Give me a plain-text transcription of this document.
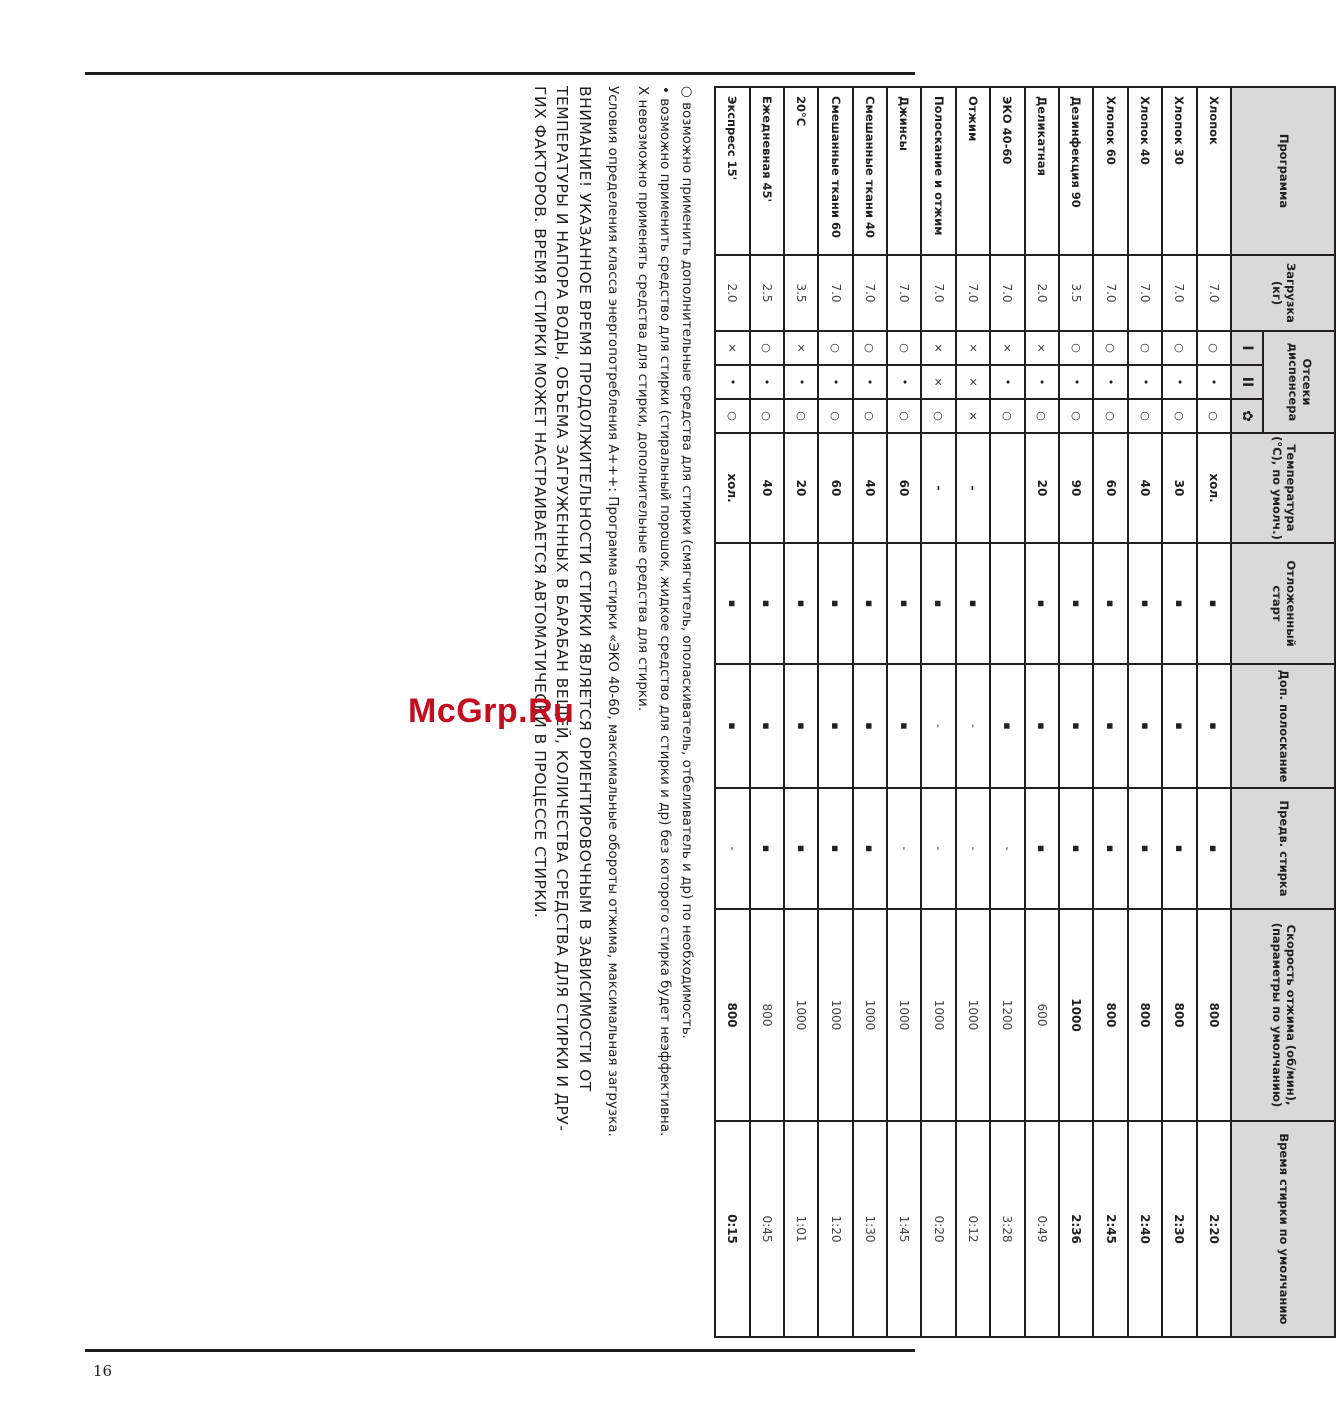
Программа	Загрузка (кг)	Отсеки диспенсера			Температура (°C), по умолч.)	Отложенный старт	Доп. полоскание	Предв. стирка	Скорость отжима (об/мин), (параметры по умолчанию)	Время стирки по умолчанию
		I	II	✿						
Хлопок	7.0	○	•	○	хол.	▪	▪	▪	800	2:20
Хлопок 30	7.0	○	•	○	30	▪	▪	▪	800	2:30
Хлопок 40	7.0	○	•	○	40	▪	▪	▪	800	2:40
Хлопок 60	7.0	○	•	○	60	▪	▪	▪	800	2:45
Дезинфекция 90	3.5	○	•	○	90	▪	▪	▪	1000	2:36
Деликатная	2.0	×	•	○	20	▪	▪	▪	600	0:49
ЭКО 40-60	7.0	×	•	○			▪	-	1200	3:28
Отжим	7.0	×	×	×	-	▪	-	-	1000	0:12
Полоскание и отжим	7.0	×	×	○	-	▪	-	-	1000	0:20
Джинсы	7.0	○	•	○	60	▪	▪	-	1000	1:45
Смешанные ткани 40	7.0	○	•	○	40	▪	▪	▪	1000	1:30
Смешанные ткани 60	7.0	○	•	○	60	▪	▪	▪	1000	1:20
20°C	3.5	×	•	○	20	▪	▪	▪	1000	1:01
Ежедневная 45'	2.5	○	•	○	40	▪	▪	▪	800	0:45
Экспресс 15'	2.0	×	•	○	хол.	▪	▪	-	800	0:15
○ возможно применить дополнительные средства для стирки (смягчитель, ополаскиватель, отбеливатель и др) по необходимость.
• возможно применить средство для стирки (стиральный порошок, жидкое средство для стирки и др) без которого стирка будет неэффективна.
Х невозможно применять средства для стирки, дополнительные средства для стирки.
Условия определения класса энергопотребления А+++: Программа стирки «ЭКО 40-60, максимальные обороты отжима, максимальная загрузка.
ВНИМАНИЕ! УКАЗАННОЕ ВРЕМЯ ПРОДОЛЖИТЕЛЬНОСТИ СТИРКИ ЯВЛЯЕТСЯ ОРИЕНТИРОВОЧНЫМ В ЗАВИСИМОСТИ ОТ
ТЕМПЕРАТУРЫ И НАПОРА ВОДЫ, ОБЪЕМА ЗАГРУЖЕННЫХ В БАРАБАН ВЕЩЕЙ, КОЛИЧЕСТВА СРЕДСТВА ДЛЯ СТИРКИ И ДРУ-
ГИХ ФАКТОРОВ. ВРЕМЯ СТИРКИ МОЖЕТ НАСТРАИВАЕТСЯ АВТОМАТИЧЕСКИ В ПРОЦЕССЕ СТИРКИ.
McGrp.Ru
16
